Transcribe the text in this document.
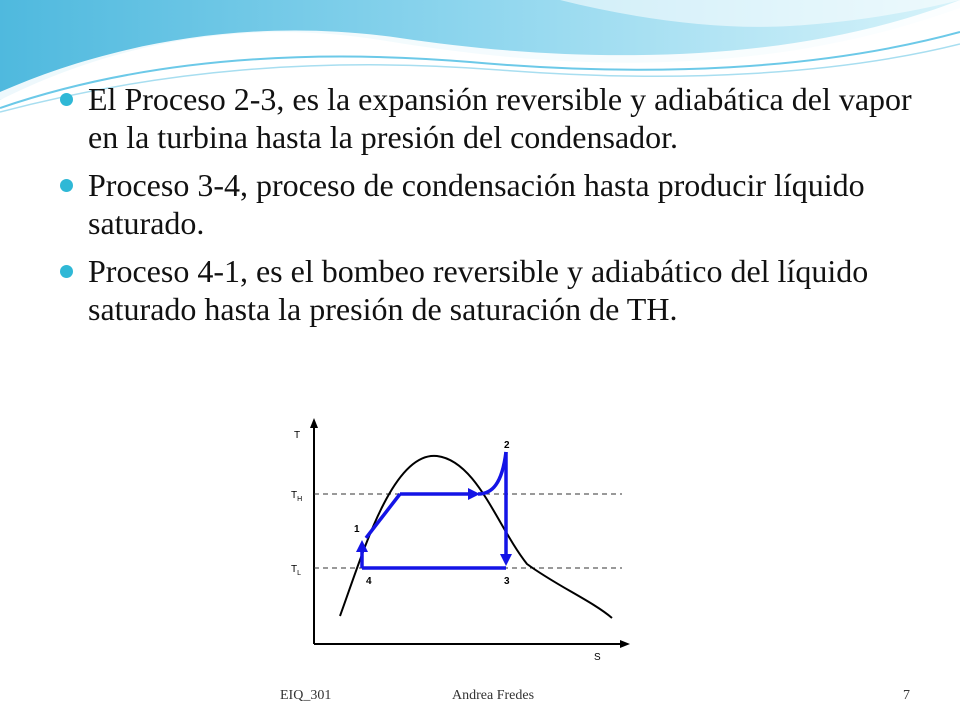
El Proceso 2-3, es la expansión reversible y adiabática del vapor en la turbina hasta la presión del condensador.
Proceso 3-4, proceso de condensación hasta producir líquido saturado.
Proceso 4-1, es el bombeo reversible y adiabático del líquido saturado hasta la presión de saturación de TH.
T
S
$T_H$
$T_L$
1
2
3
4
EIQ_301	Andrea Fredes	7
